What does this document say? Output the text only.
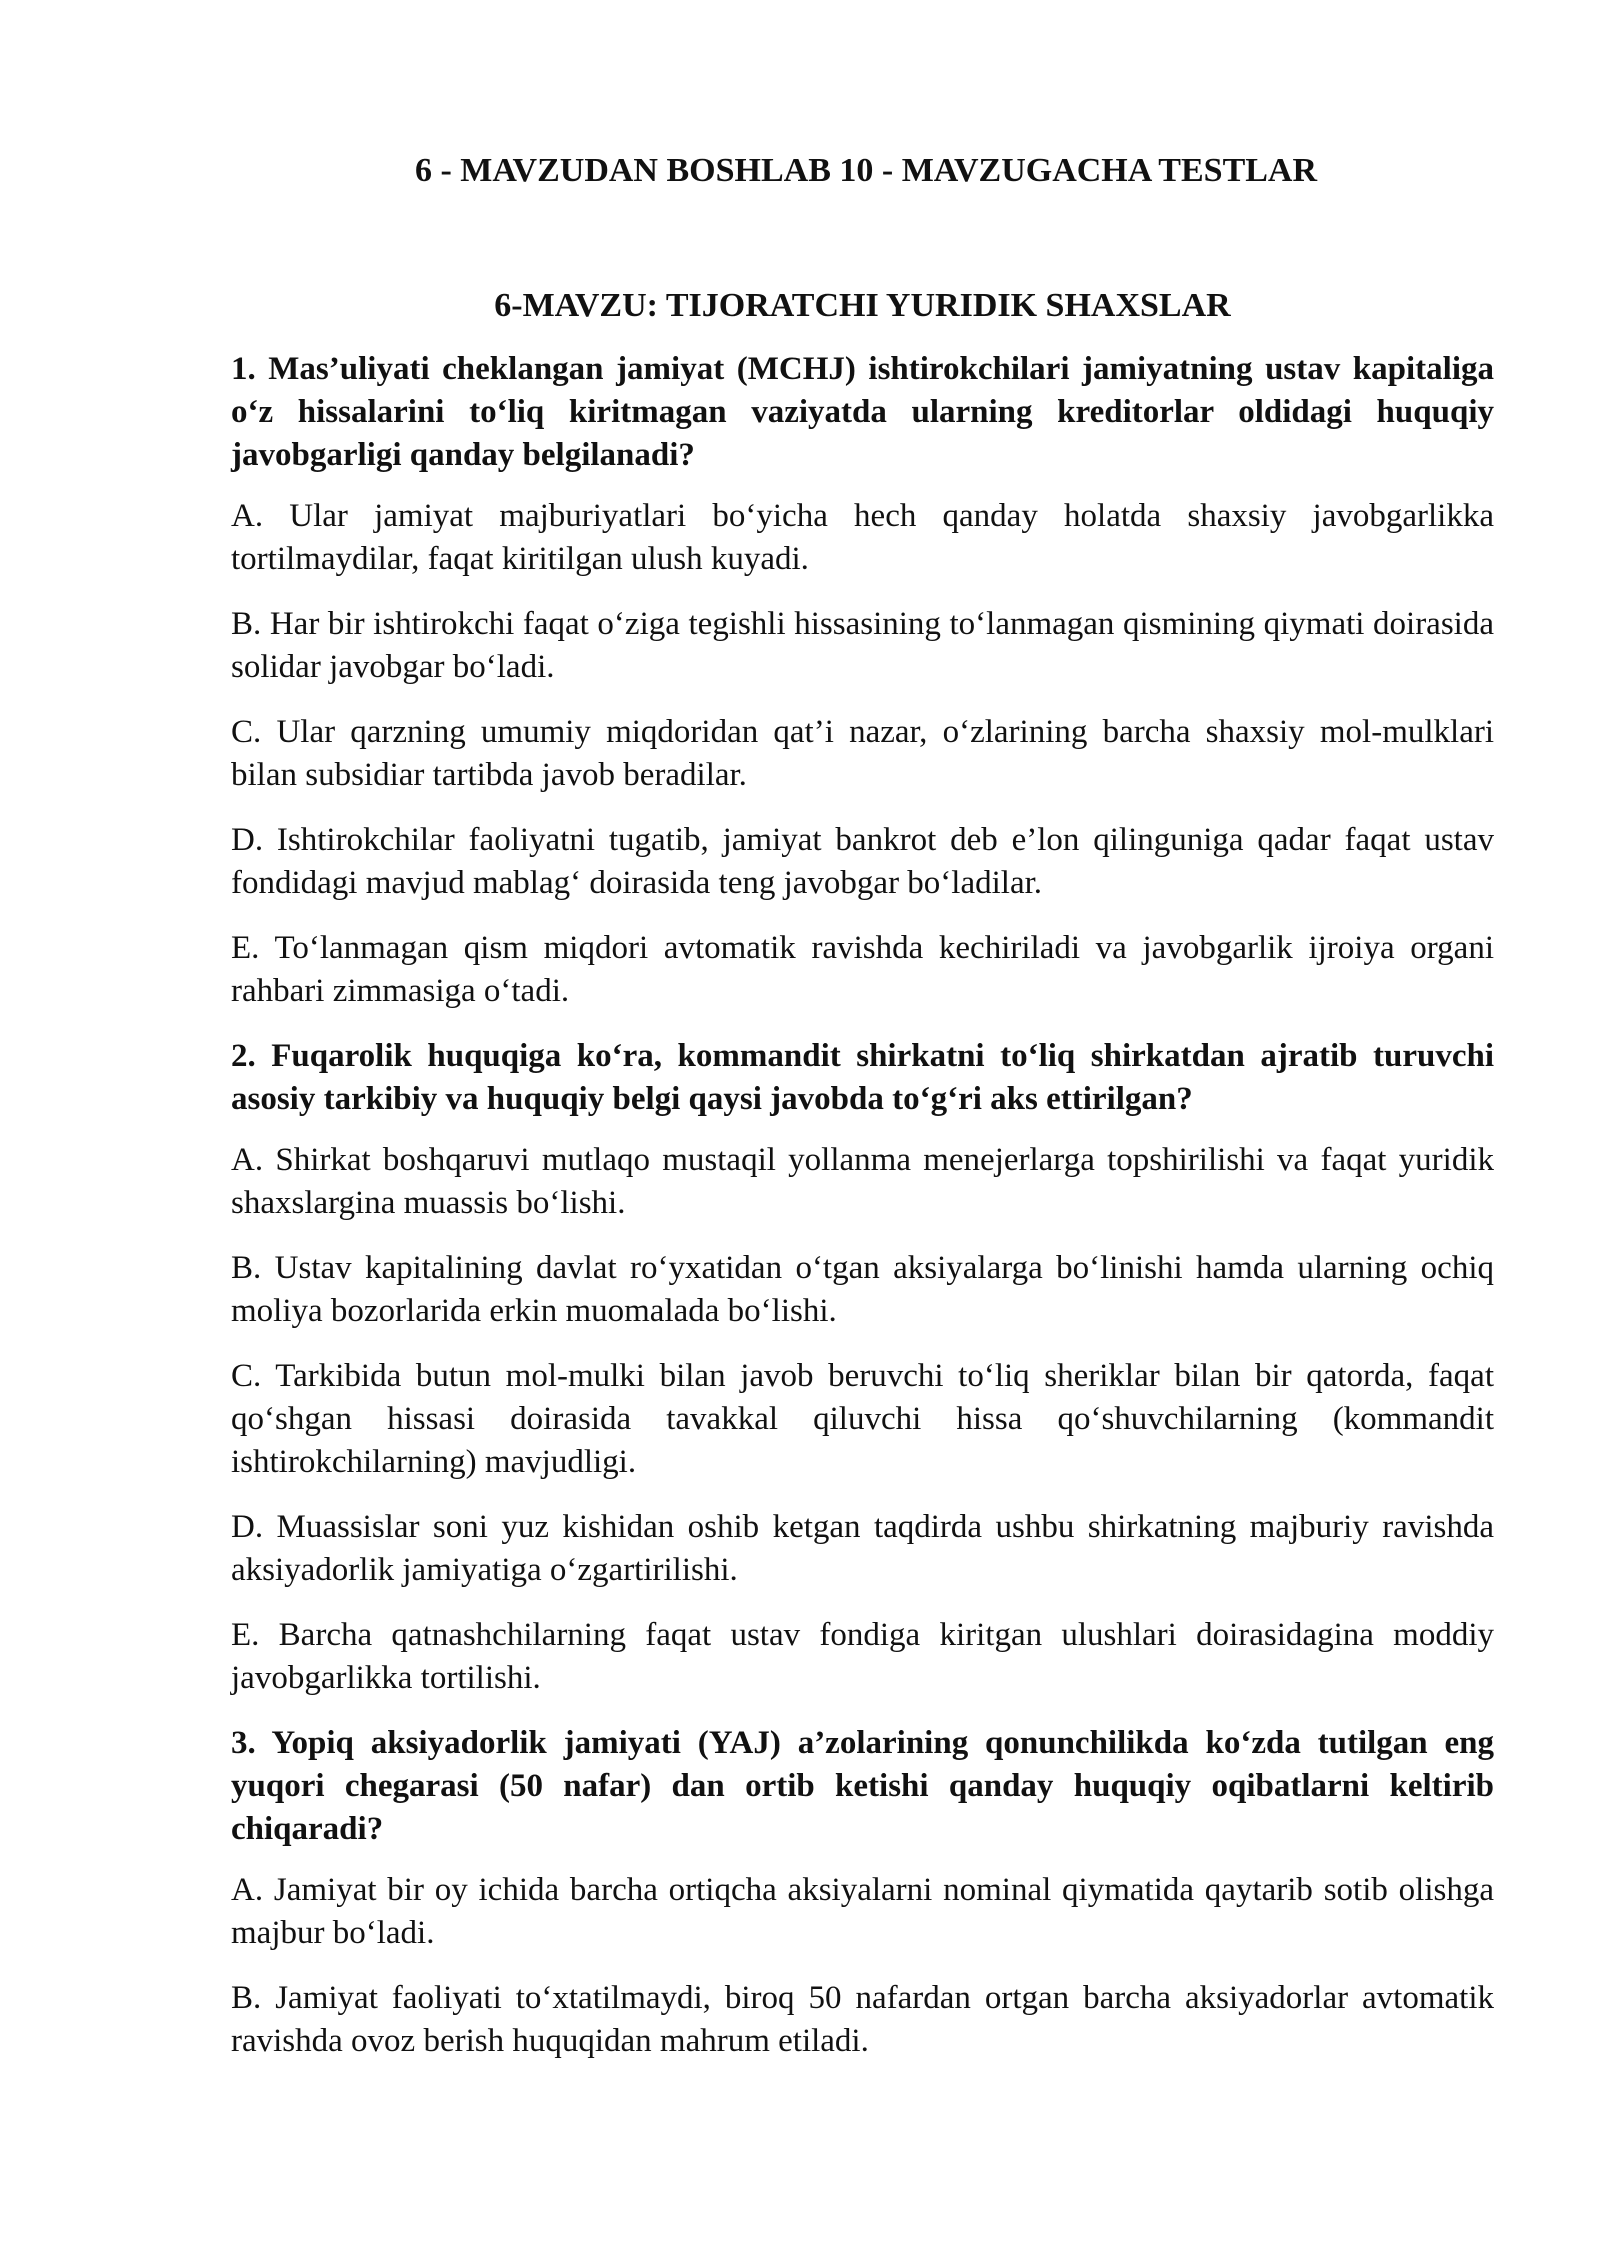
6 - MAVZUDAN BOSHLAB 10 - MAVZUGACHA TESTLAR
6-MAVZU: TIJORATCHI YURIDIK SHAXSLAR

1. Mas’uliyati cheklangan jamiyat (MCHJ) ishtirokchilari jamiyatning ustav kapitaliga o‘z hissalarini to‘liq kiritmagan vaziyatda ularning kreditorlar oldidagi huquqiy javobgarligi qanday belgilanadi?

A. Ular jamiyat majburiyatlari bo‘yicha hech qanday holatda shaxsiy javobgarlikka tortilmaydilar, faqat kiritilgan ulush kuyadi.

B. Har bir ishtirokchi faqat o‘ziga tegishli hissasining to‘lanmagan qismining qiymati doirasida solidar javobgar bo‘ladi.

C. Ular qarzning umumiy miqdoridan qat’i nazar, o‘zlarining barcha shaxsiy mol-mulklari bilan subsidiar tartibda javob beradilar.

D. Ishtirokchilar faoliyatni tugatib, jamiyat bankrot deb e’lon qilinguniga qadar faqat ustav fondidagi mavjud mablag‘ doirasida teng javobgar bo‘ladilar.

E. To‘lanmagan qism miqdori avtomatik ravishda kechiriladi va javobgarlik ijroiya organi rahbari zimmasiga o‘tadi.

2. Fuqarolik huquqiga ko‘ra, kommandit shirkatni to‘liq shirkatdan ajratib turuvchi asosiy tarkibiy va huquqiy belgi qaysi javobda to‘g‘ri aks ettirilgan?

A. Shirkat boshqaruvi mutlaqo mustaqil yollanma menejerlarga topshirilishi va faqat yuridik shaxslargina muassis bo‘lishi.

B. Ustav kapitalining davlat ro‘yxatidan o‘tgan aksiyalarga bo‘linishi hamda ularning ochiq moliya bozorlarida erkin muomalada bo‘lishi.

C. Tarkibida butun mol-mulki bilan javob beruvchi to‘liq sheriklar bilan bir qatorda, faqat qo‘shgan hissasi doirasida tavakkal qiluvchi hissa qo‘shuvchilarning (kommandit ishtirokchilarning) mavjudligi.

D. Muassislar soni yuz kishidan oshib ketgan taqdirda ushbu shirkatning majburiy ravishda aksiyadorlik jamiyatiga o‘zgartirilishi.

E. Barcha qatnashchilarning faqat ustav fondiga kiritgan ulushlari doirasidagina moddiy javobgarlikka tortilishi.

3. Yopiq aksiyadorlik jamiyati (YAJ) a’zolarining qonunchilikda ko‘zda tutilgan eng yuqori chegarasi (50 nafar) dan ortib ketishi qanday huquqiy oqibatlarni keltirib chiqaradi?

A. Jamiyat bir oy ichida barcha ortiqcha aksiyalarni nominal qiymatida qaytarib sotib olishga majbur bo‘ladi.

B. Jamiyat faoliyati to‘xtatilmaydi, biroq 50 nafardan ortgan barcha aksiyadorlar avtomatik ravishda ovoz berish huquqidan mahrum etiladi.
